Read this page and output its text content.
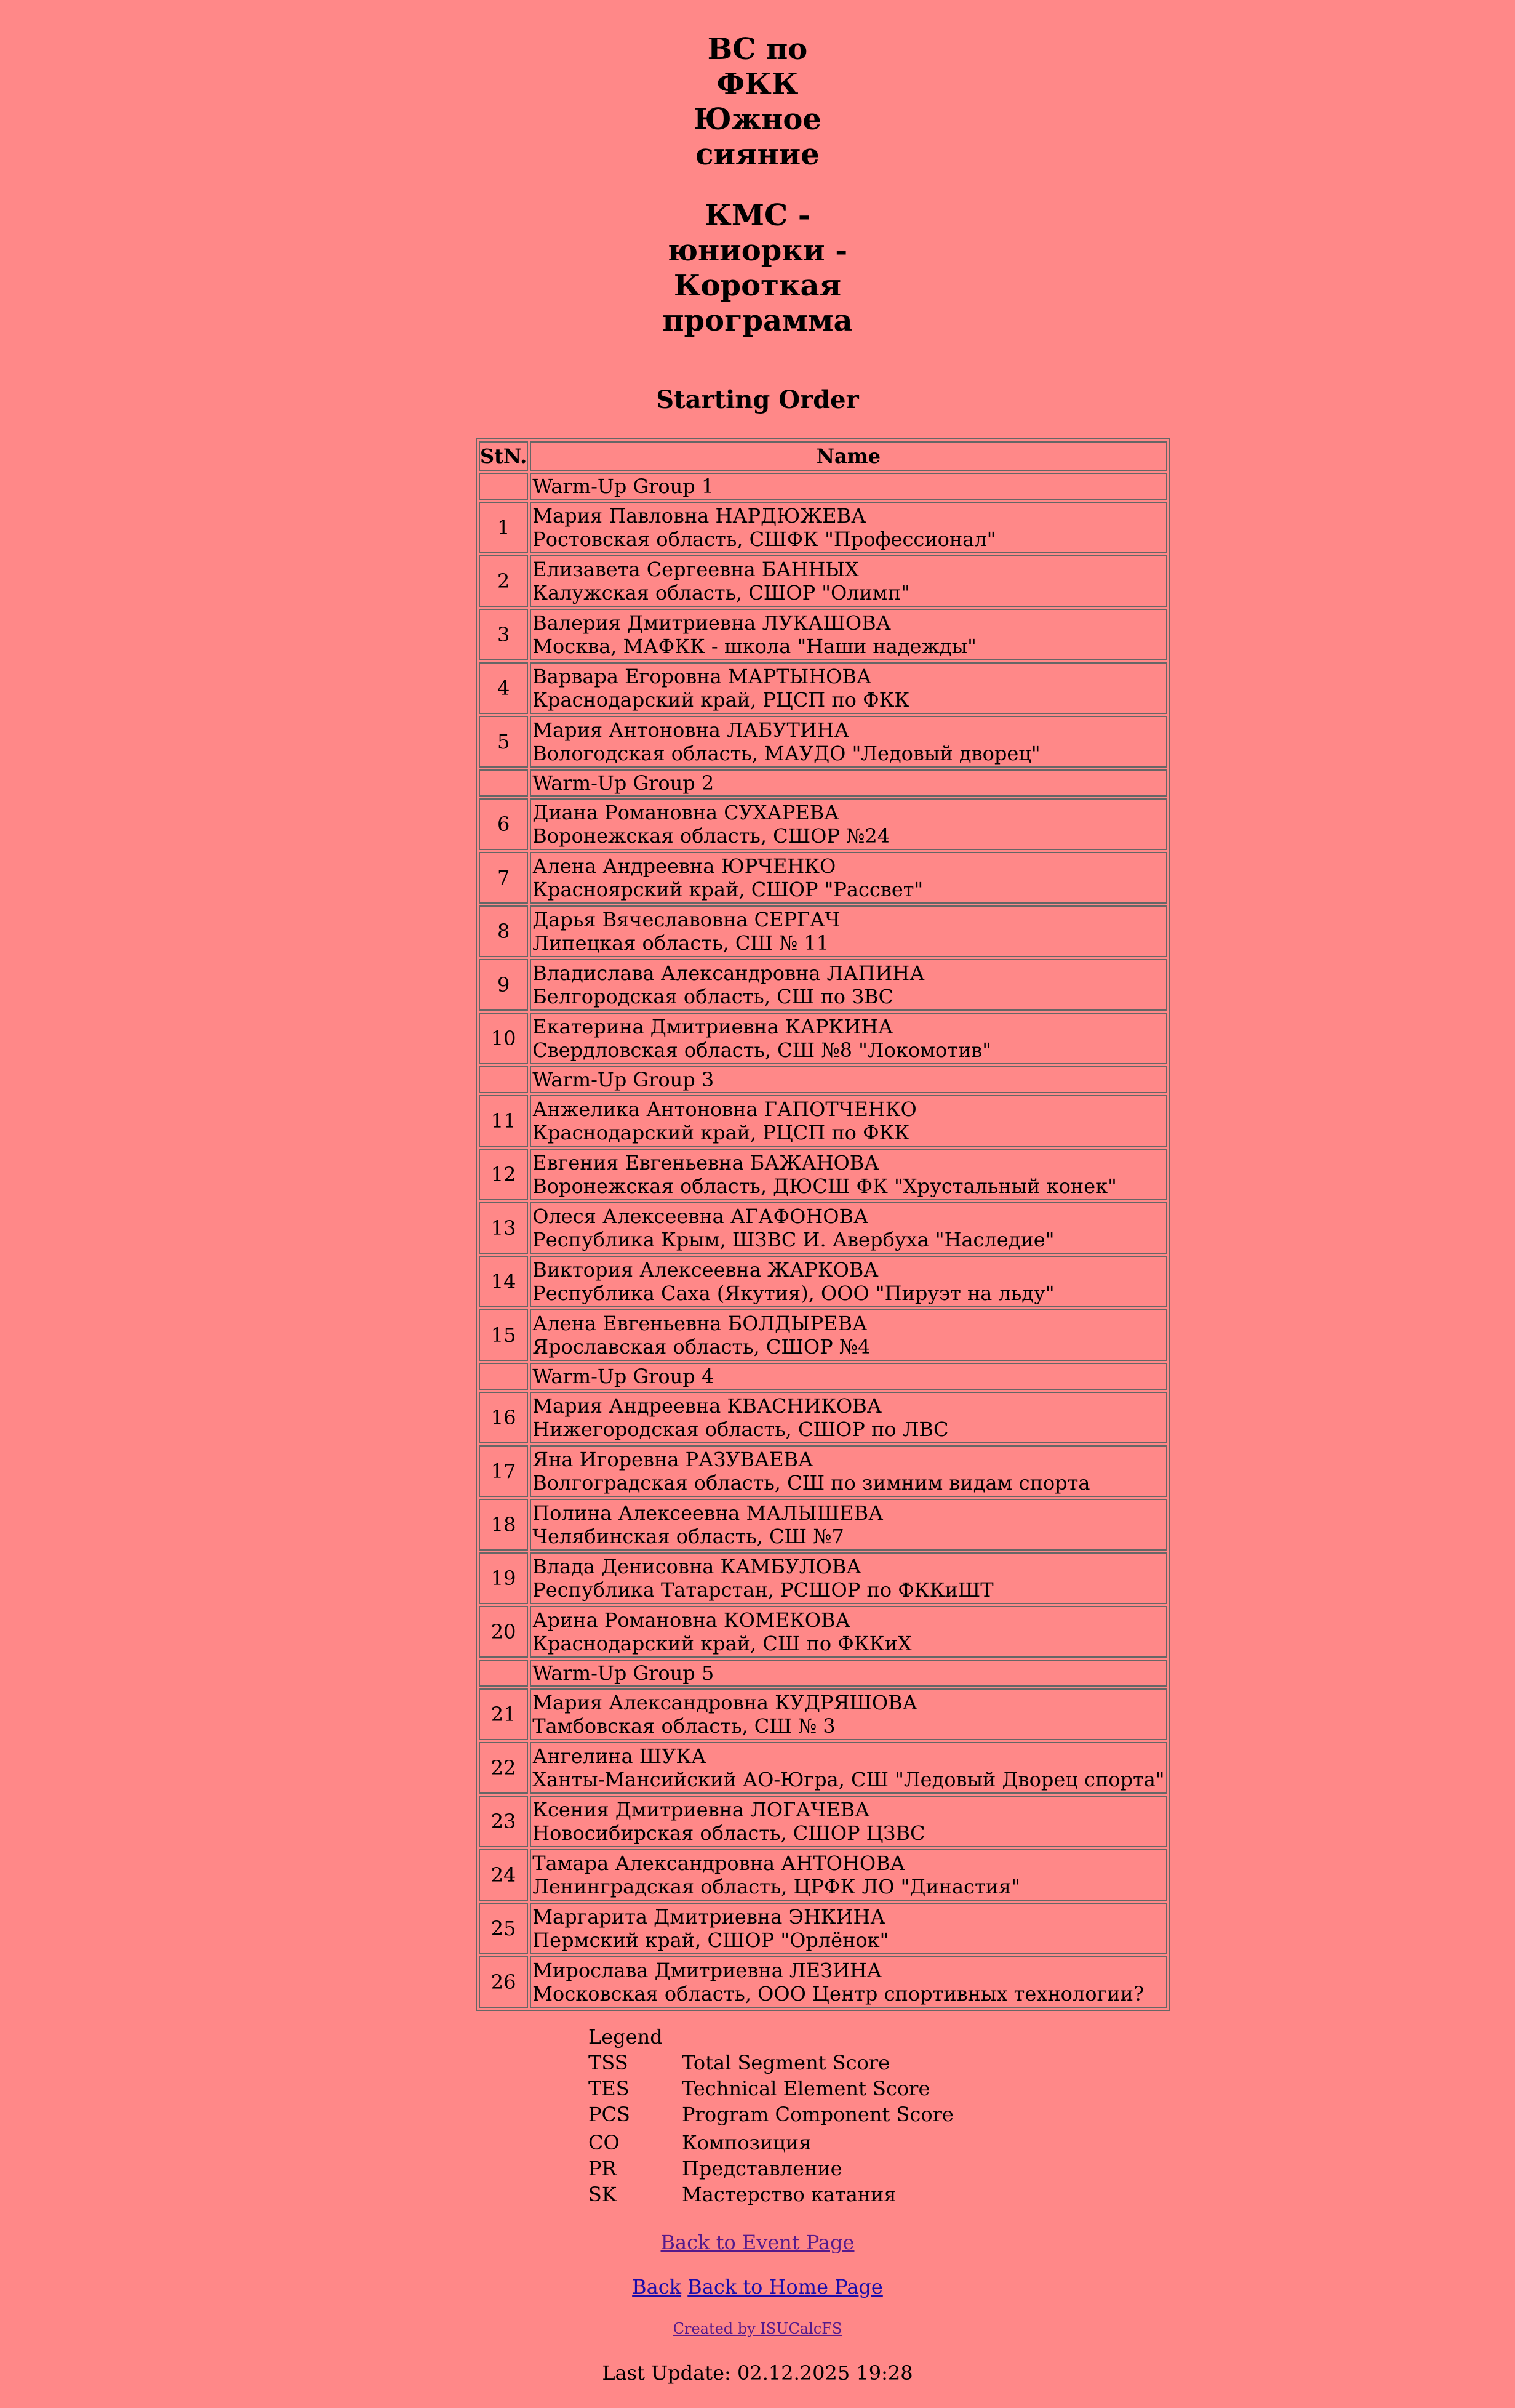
ВС по
ФКК
Южное
сияние
КМС -
юниорки -
Короткая
программа
Starting Order
StN.	Name
	Warm-Up Group 1
1	Мария Павловна НАРДЮЖЕВА
Ростовская область, СШФК "Профессионал"

2	Елизавета Сергеевна БАННЫХ
Калужская область, СШОР "Олимп"

3	Валерия Дмитриевна ЛУКАШОВА
Москва, МАФКК - школа "Наши надежды"

4	Варвара Егоровна МАРТЫНОВА
Краснодарский край, РЦСП по ФКК

5	Мария Антоновна ЛАБУТИНА
Вологодская область, МАУДО "Ледовый дворец"

	Warm-Up Group 2
6	Диана Романовна СУХАРЕВА
Воронежская область, СШОР №24

7	Алена Андреевна ЮРЧЕНКО
Красноярский край, СШОР "Рассвет"

8	Дарья Вячеславовна СЕРГАЧ
Липецкая область, СШ № 11

9	Владислава Александровна ЛАПИНА
Белгородская область, СШ по ЗВС

10	Екатерина Дмитриевна КАРКИНА
Свердловская область, СШ №8 "Локомотив"

	Warm-Up Group 3
11	Анжелика Антоновна ГАПОТЧЕНКО
Краснодарский край, РЦСП по ФКК

12	Евгения Евгеньевна БАЖАНОВА
Воронежская область, ДЮСШ ФК "Хрустальный конек"

13	Олеся Алексеевна АГАФОНОВА
Республика Крым, ШЗВС И. Авербуха "Наследие"

14	Виктория Алексеевна ЖАРКОВА
Республика Саха (Якутия), ООО "Пируэт на льду"

15	Алена Евгеньевна БОЛДЫРЕВА
Ярославская область, СШОР №4

	Warm-Up Group 4
16	Мария Андреевна КВАСНИКОВА
Нижегородская область, СШОР по ЛВС

17	Яна Игоревна РАЗУВАЕВА
Волгоградская область, СШ по зимним видам спорта

18	Полина Алексеевна МАЛЫШЕВА
Челябинская область, СШ №7

19	Влада Денисовна КАМБУЛОВА
Республика Татарстан, РСШОР по ФККиШТ

20	Арина Романовна КОМЕКОВА
Краснодарский край, СШ по ФККиХ

	Warm-Up Group 5
21	Мария Александровна КУДРЯШОВА
Тамбовская область, СШ № 3

22	Ангелина ШУКА
Ханты-Мансийский АО-Югра, СШ "Ледовый Дворец спорта"

23	Ксения Дмитриевна ЛОГАЧЕВА
Новосибирская область, СШОР ЦЗВС

24	Тамара Александровна АНТОНОВА
Ленинградская область, ЦРФК ЛО "Династия"

25	Маргарита Дмитриевна ЭНКИНА
Пермский край, СШОР "Орлёнок"

26	Мирослава Дмитриевна ЛЕЗИНА
Московская область, ООО Центр спортивных технологии?
Legend
TSS	Total Segment Score
TES	Technical Element Score
PCS	Program Component Score
CO	Композиция
PR	Представление
SK	Мастерство катания
Back to Event Page
Back Back to Home Page
Created by ISUCalcFS
Last Update: 02.12.2025 19:28
